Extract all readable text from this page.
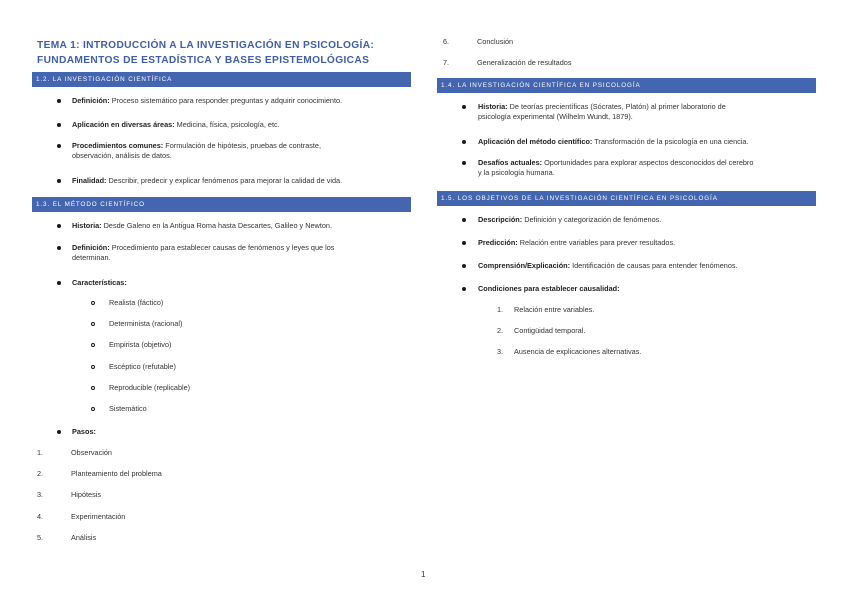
TEMA 1: INTRODUCCIÓN A LA INVESTIGACIÓN EN PSICOLOGÍA:
FUNDAMENTOS DE ESTADÍSTICA Y BASES EPISTEMOLÓGICAS
1.2. LA INVESTIGACIÓN CIENTÍFICA
Definición: Proceso sistemático para responder preguntas y adquirir conocimiento.
Aplicación en diversas áreas: Medicina, física, psicología, etc.
Procedimientos comunes: Formulación de hipótesis, pruebas de contraste,
observación, análisis de datos.
Finalidad: Describir, predecir y explicar fenómenos para mejorar la calidad de vida.
1.3. EL MÉTODO CIENTÍFICO
Historia: Desde Galeno en la Antigua Roma hasta Descartes, Galileo y Newton.
Definición: Procedimiento para establecer causas de fenómenos y leyes que los
determinan.
Características:
Realista (fáctico)
Determinista (racional)
Empirista (objetivo)
Escéptico (refutable)
Reproducible (replicable)
Sistemático
Pasos:
1.	Observación
2.	Planteamiento del problema
3.	Hipótesis
4.	Experimentación
5.	Análisis
6.	Conclusión
7.	Generalización de resultados
1.4. LA INVESTIGACIÓN CIENTÍFICA EN PSICOLOGÍA
Historia: De teorías precientíficas (Sócrates, Platón) al primer laboratorio de
psicología experimental (Wilhelm Wundt, 1879).
Aplicación del método científico: Transformación de la psicología en una ciencia.
Desafíos actuales: Oportunidades para explorar aspectos desconocidos del cerebro
y la psicología humana.
1.5. LOS OBJETIVOS DE LA INVESTIGACIÓN CIENTÍFICA EN PSICOLOGÍA
Descripción: Definición y categorización de fenómenos.
Predicción: Relación entre variables para prever resultados.
Comprensión/Explicación: Identificación de causas para entender fenómenos.
Condiciones para establecer causalidad:
1. Relación entre variables.
2. Contigüidad temporal.
3. Ausencia de explicaciones alternativas.
1
